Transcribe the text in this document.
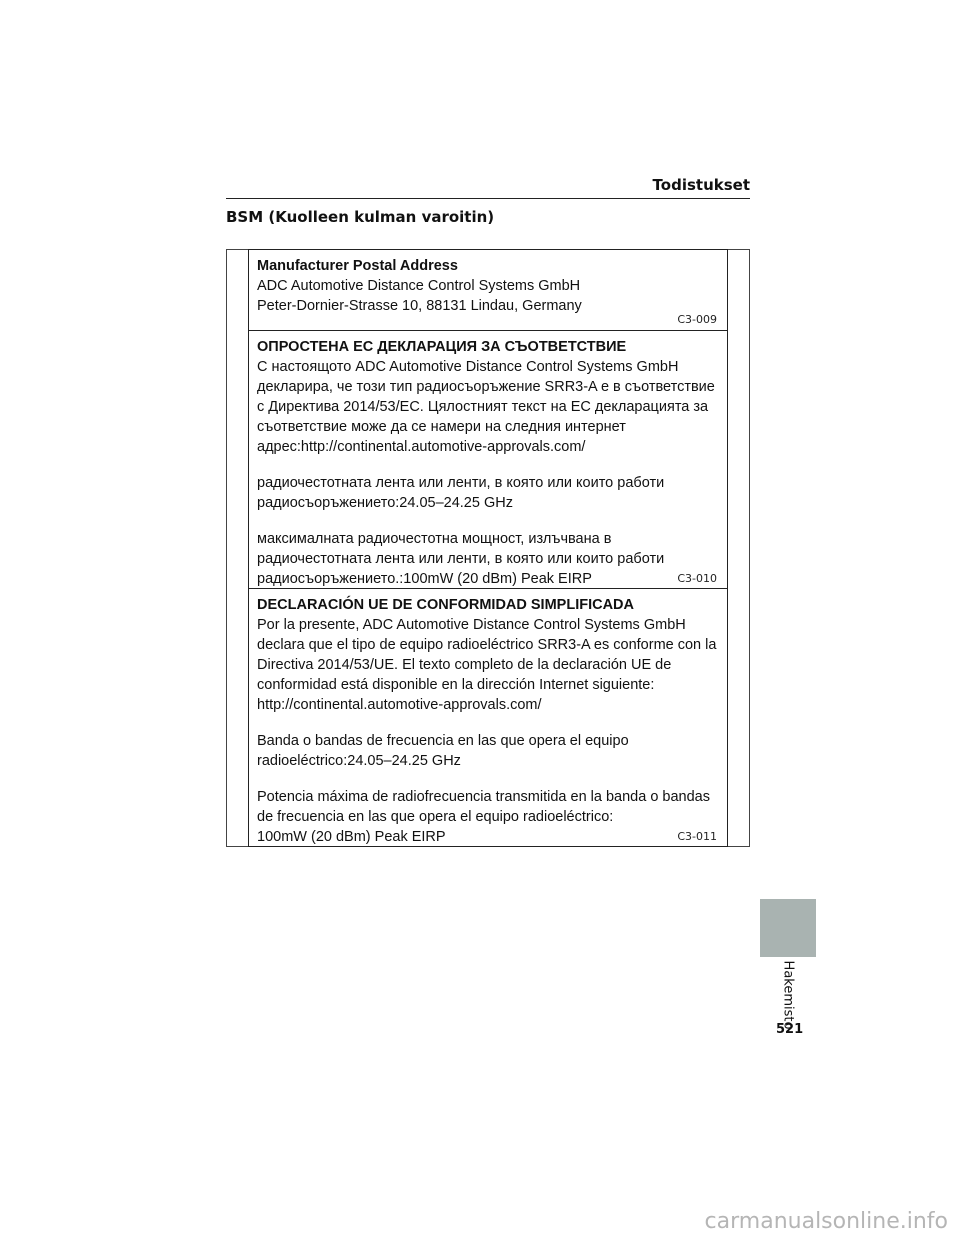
Todistukset
BSM (Kuolleen kulman varoitin)
Manufacturer Postal Address
ADC Automotive Distance Control Systems GmbH
Peter-Dornier-Strasse 10, 88131 Lindau, Germany
C3-009
ОПРОСТЕНА ЕС ДЕКЛАРАЦИЯ ЗА СЪОТВЕТСТВИЕ
С настоящото ADC Automotive Distance Control Systems GmbH
декларира, че този тип радиосъоръжение SRR3-A е в съответствие
с Директива 2014/53/ЕС. Цялостният текст на ЕС декларацията за
съответствие може да се намери на следния интернет
адрес:http://continental.automotive-approvals.com/
радиочестотната лента или ленти, в която или които работи
радиосъоръжението:24.05–24.25 GHz
максималната радиочестотна мощност, излъчвана в
радиочестотната лента или ленти, в която или които работи
радиосъоръжението.:100mW (20 dBm) Peak EIRP	C3-010
DECLARACIÓN UE DE CONFORMIDAD SIMPLIFICADA
Por la presente, ADC Automotive Distance Control Systems GmbH
declara que el tipo de equipo radioeléctrico SRR3-A es conforme con la
Directiva 2014/53/UE. El texto completo de la declaración UE de
conformidad está disponible en la dirección Internet siguiente:
http://continental.automotive-approvals.com/
Banda o bandas de frecuencia en las que opera el equipo
radioeléctrico:24.05–24.25 GHz
Potencia máxima de radiofrecuencia transmitida en la banda o bandas
de frecuencia en las que opera el equipo radioeléctrico:
100mW (20 dBm) Peak EIRP	C3-011
Hakemisto
521
carmanualsonline.info
